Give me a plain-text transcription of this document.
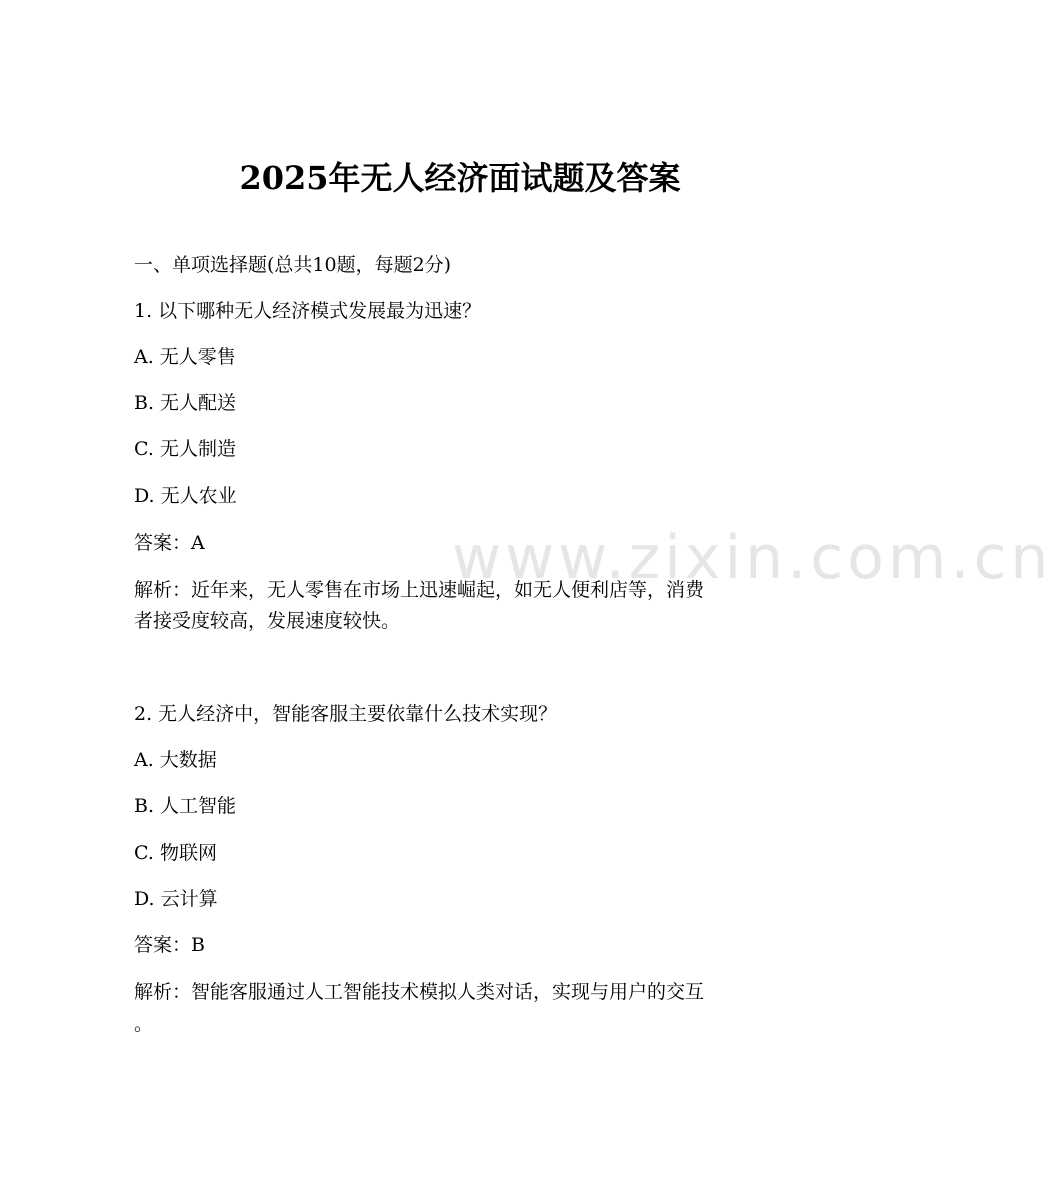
www.zixin.com.cn
2025年无人经济面试题及答案
一、单项选择题(总共10题，每题2分)
1. 以下哪种无人经济模式发展最为迅速？
A. 无人零售
B. 无人配送
C. 无人制造
D. 无人农业
答案：A
解析：近年来，无人零售在市场上迅速崛起，如无人便利店等，消费
者接受度较高，发展速度较快。
2. 无人经济中，智能客服主要依靠什么技术实现？
A. 大数据
B. 人工智能
C. 物联网
D. 云计算
答案：B
解析：智能客服通过人工智能技术模拟人类对话，实现与用户的交互
。
